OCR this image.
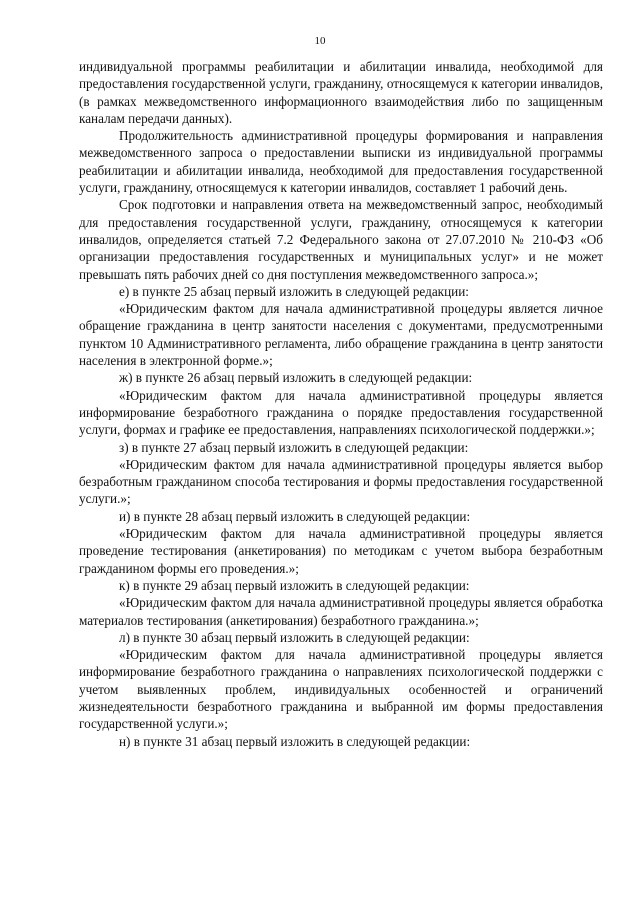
10

индивидуальной программы реабилитации и абилитации инвалида, необходимой для предоставления государственной услуги, гражданину, относящемуся к категории инвалидов, (в рамках межведомственного информационного взаимодействия либо по защищенным каналам передачи данных).

Продолжительность административной процедуры формирования и направления межведомственного запроса о предоставлении выписки из индивидуальной программы реабилитации и абилитации инвалида, необходимой для предоставления государственной услуги, гражданину, относящемуся к категории инвалидов, составляет 1 рабочий день.

Срок подготовки и направления ответа на межведомственный запрос, необходимый для предоставления государственной услуги, гражданину, относящемуся к категории инвалидов, определяется статьей 7.2 Федерального закона от 27.07.2010 № 210-ФЗ «Об организации предоставления государственных и муниципальных услуг» и не может превышать пять рабочих дней со дня поступления межведомственного запроса.»;

е) в пункте 25 абзац первый изложить в следующей редакции:

«Юридическим фактом для начала административной процедуры является личное обращение гражданина в центр занятости населения с документами, предусмотренными пунктом 10 Административного регламента, либо обращение гражданина в центр занятости населения в электронной форме.»;

ж) в пункте 26 абзац первый изложить в следующей редакции:

«Юридическим фактом для начала административной процедуры является информирование безработного гражданина о порядке предоставления государственной услуги, формах и графике ее предоставления, направлениях психологической поддержки.»;

з) в пункте 27 абзац первый изложить в следующей редакции:

«Юридическим фактом для начала административной процедуры является выбор безработным гражданином способа тестирования и формы предоставления государственной услуги.»;

и) в пункте 28 абзац первый изложить в следующей редакции:

«Юридическим фактом для начала административной процедуры является проведение тестирования (анкетирования) по методикам с учетом выбора безработным гражданином формы его проведения.»;

к) в пункте 29 абзац первый изложить в следующей редакции:

«Юридическим фактом для начала административной процедуры является обработка материалов тестирования (анкетирования) безработного гражданина.»;

л) в пункте 30 абзац первый изложить в следующей редакции:

«Юридическим фактом для начала административной процедуры является информирование безработного гражданина о направлениях психологической поддержки с учетом выявленных проблем, индивидуальных особенностей и ограничений жизнедеятельности безработного гражданина и выбранной им формы предоставления государственной услуги.»;

н) в пункте 31 абзац первый изложить в следующей редакции:
